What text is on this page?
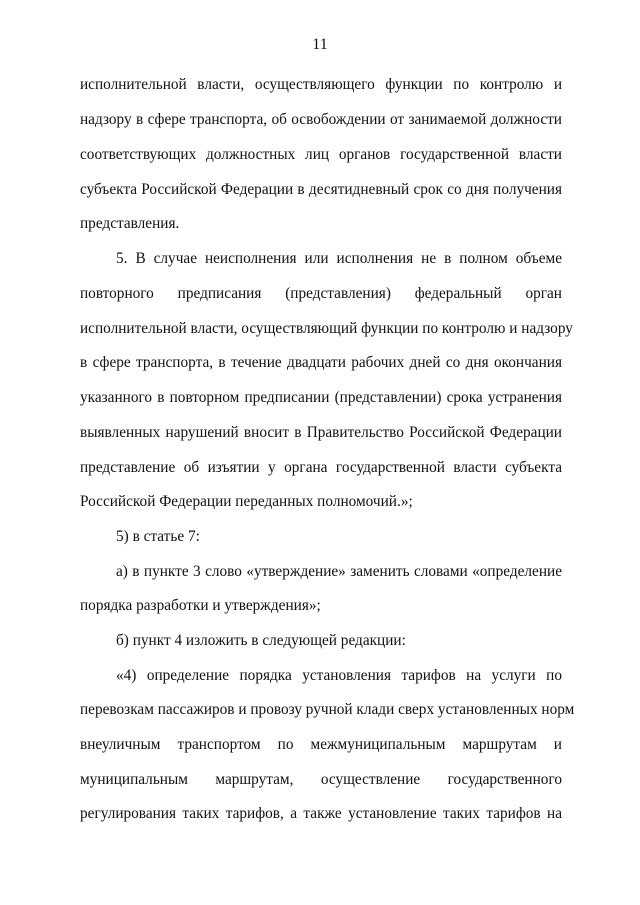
11
исполнительной власти, осуществляющего функции по контролю и
надзору в сфере транспорта, об освобождении от занимаемой должности
соответствующих должностных лиц органов государственной власти
субъекта Российской Федерации в десятидневный срок со дня получения
представления.
5. В случае неисполнения или исполнения не в полном объеме
повторного предписания (представления) федеральный орган
исполнительной власти, осуществляющий функции по контролю и надзору
в сфере транспорта, в течение двадцати рабочих дней со дня окончания
указанного в повторном предписании (представлении) срока устранения
выявленных нарушений вносит в Правительство Российской Федерации
представление об изъятии у органа государственной власти субъекта
Российской Федерации переданных полномочий.»;
5) в статье 7:
а) в пункте 3 слово «утверждение» заменить словами «определение
порядка разработки и утверждения»;
б) пункт 4 изложить в следующей редакции:
«4) определение порядка установления тарифов на услуги по
перевозкам пассажиров и провозу ручной клади сверх установленных норм
внеуличным транспортом по межмуниципальным маршрутам и
муниципальным маршрутам, осуществление государственного
регулирования таких тарифов, а также установление таких тарифов на
